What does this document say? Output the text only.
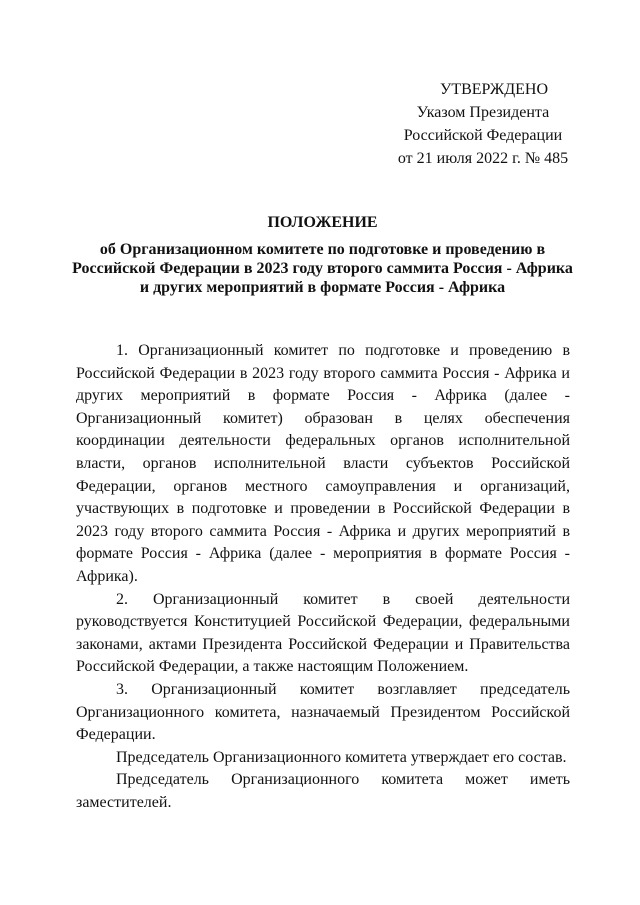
УТВЕРЖДЕНО
Указом Президента
Российской Федерации
от 21 июля 2022 г. № 485
ПОЛОЖЕНИЕ
об Организационном комитете по подготовке и проведению в Российской Федерации в 2023 году второго саммита Россия - Африка и других мероприятий в формате Россия - Африка

1. Организационный комитет по подготовке и проведению в Российской Федерации в 2023 году второго саммита Россия - Африка и других мероприятий в формате Россия - Африка (далее - Организационный комитет) образован в целях обеспечения координации деятельности федеральных органов исполнительной власти, органов исполнительной власти субъектов Российской Федерации, органов местного самоуправления и организаций, участвующих в подготовке и проведении в Российской Федерации в 2023 году второго саммита Россия - Африка и других мероприятий в формате Россия - Африка (далее - мероприятия в формате Россия - Африка).

2. Организационный комитет в своей деятельности руководствуется Конституцией Российской Федерации, федеральными законами, актами Президента Российской Федерации и Правительства Российской Федерации, а также настоящим Положением.

3. Организационный комитет возглавляет председатель Организационного комитета, назначаемый Президентом Российской Федерации.

Председатель Организационного комитета утверждает его состав.

Председатель Организационного комитета может иметь заместителей.
